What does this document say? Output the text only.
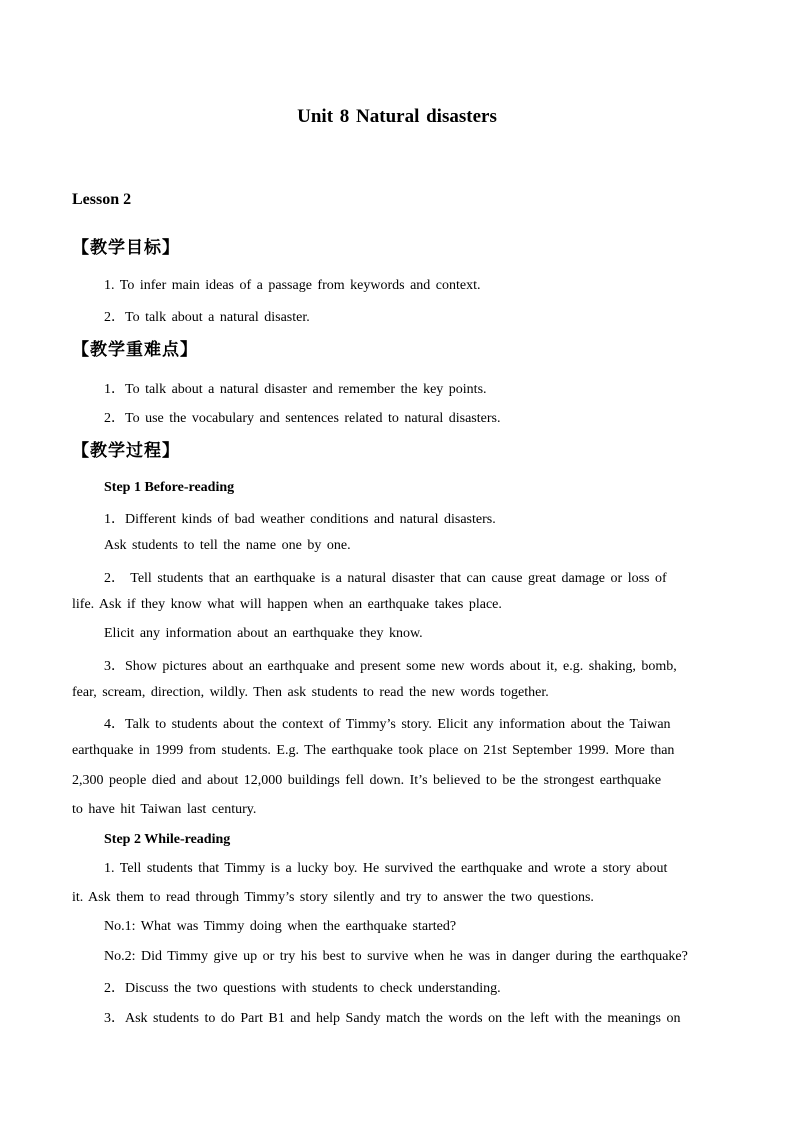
Unit 8 Natural disasters
Lesson 2
【教学目标】
1. To infer main ideas of a passage from keywords and context.
2．To talk about a natural disaster.
【教学重难点】
1．To talk about a natural disaster and remember the key points.
2．To use the vocabulary and sentences related to natural disasters.
【教学过程】
Step 1 Before-reading
1．Different kinds of bad weather conditions and natural disasters.
Ask students to tell the name one by one.
2． Tell students that an earthquake is a natural disaster that can cause great damage or loss of
life. Ask if they know what will happen when an earthquake takes place.
Elicit any information about an earthquake they know.
3．Show pictures about an earthquake and present some new words about it, e.g. shaking, bomb,
fear, scream, direction, wildly. Then ask students to read the new words together.
4．Talk to students about the context of Timmy’s story. Elicit any information about the Taiwan
earthquake in 1999 from students. E.g. The earthquake took place on 21st September 1999. More than
2,300 people died and about 12,000 buildings fell down. It’s believed to be the strongest earthquake
to have hit Taiwan last century.
Step 2 While-reading
1. Tell students that Timmy is a lucky boy. He survived the earthquake and wrote a story about
it. Ask them to read through Timmy’s story silently and try to answer the two questions.
No.1: What was Timmy doing when the earthquake started?
No.2: Did Timmy give up or try his best to survive when he was in danger during the earthquake?
2．Discuss the two questions with students to check understanding.
3．Ask students to do Part B1 and help Sandy match the words on the left with the meanings on
